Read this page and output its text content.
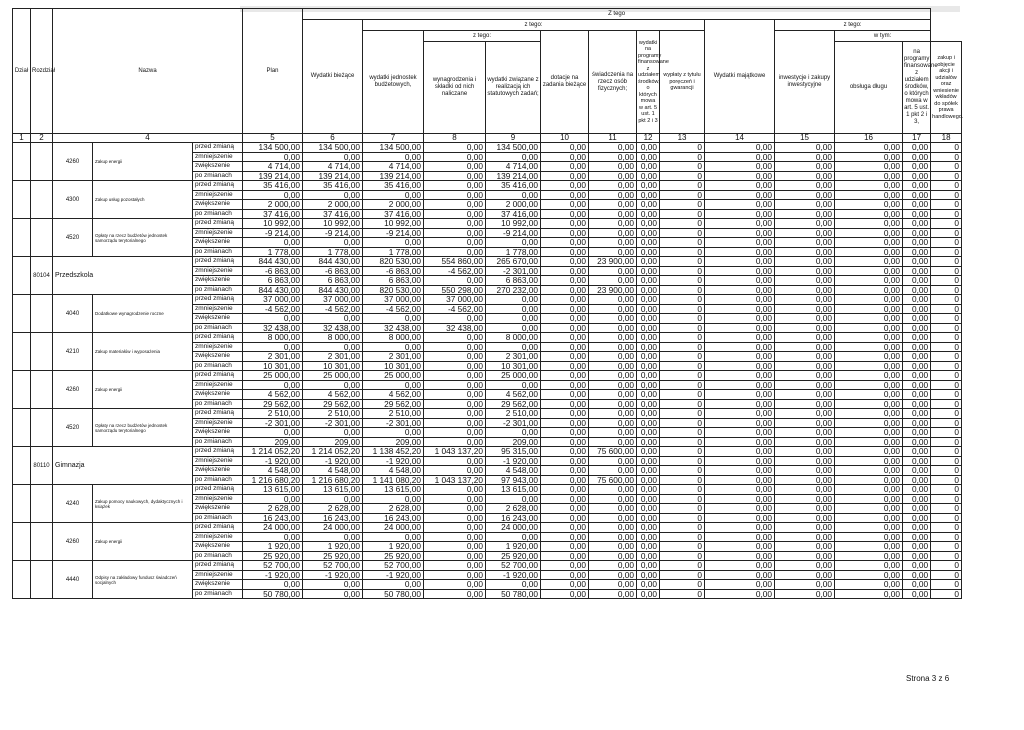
Dział	Rozdział	Nazwa			Plan	Z tego												
						Wydatki bieżące	z tego:							Wydatki majątkowe	z tego:			
							wydatki jednostek budżetowych,	z tego:		dotacje na zadania bieżące	świadczenia na rzecz osób fizycznych;	wydatki na programy finansowane z udziałem środków, o których mowa w art. 5 ust. 1 pkt 2 i 3	wypłaty z tytułu poręczeń i gwarancji		inwestycje i zakupy inwestycyjne	w tym:		
								wynagrodzenia i składki od nich naliczane	wydatki związane z realizacją ich statutowych zadań;							obsługa długu	na programy finansowane z udziałem środków, o których mowa w art. 5 ust. 1 pkt 2 i 3,	zakup i objęcie akcji i udziałów oraz wniesienie wkładów do spółek prawa handlowego.
1	2	4			5	6	7	8	9	10	11	12	13	14	15	16	17	18
		4260	Zakup energii	przed zmianą	134 500,00	134 500,00	134 500,00	0,00	134 500,00	0,00	0,00	0,00	0	0,00	0,00	0,00	0,00	0
				zmniejszenie	0,00	0,00	0,00	0,00	0,00	0,00	0,00	0,00	0	0,00	0,00	0,00	0,00	0
				zwiększenie	4 714,00	4 714,00	4 714,00	0,00	4 714,00	0,00	0,00	0,00	0	0,00	0,00	0,00	0,00	0
				po zmianach	139 214,00	139 214,00	139 214,00	0,00	139 214,00	0,00	0,00	0,00	0	0,00	0,00	0,00	0,00	0
		4300	Zakup usług pozostałych	przed zmianą	35 416,00	35 416,00	35 416,00	0,00	35 416,00	0,00	0,00	0,00	0	0,00	0,00	0,00	0,00	0
				zmniejszenie	0,00	0,00	0,00	0,00	0,00	0,00	0,00	0,00	0	0,00	0,00	0,00	0,00	0
				zwiększenie	2 000,00	2 000,00	2 000,00	0,00	2 000,00	0,00	0,00	0,00	0	0,00	0,00	0,00	0,00	0
				po zmianach	37 416,00	37 416,00	37 416,00	0,00	37 416,00	0,00	0,00	0,00	0	0,00	0,00	0,00	0,00	0
		4520	Opłaty na rzecz budżetów jednostek samorządu terytorialnego	przed zmianą	10 992,00	10 992,00	10 992,00	0,00	10 992,00	0,00	0,00	0,00	0	0,00	0,00	0,00	0,00	0
				zmniejszenie	-9 214,00	-9 214,00	-9 214,00	0,00	-9 214,00	0,00	0,00	0,00	0	0,00	0,00	0,00	0,00	0
				zwiększenie	0,00	0,00	0,00	0,00	0,00	0,00	0,00	0,00	0	0,00	0,00	0,00	0,00	0
				po zmianach	1 778,00	1 778,00	1 778,00	0,00	1 778,00	0,00	0,00	0,00	0	0,00	0,00	0,00	0,00	0
	80104	Przedszkola		przed zmianą	844 430,00	844 430,00	820 530,00	554 860,00	265 670,00	0,00	23 900,00	0,00	0	0,00	0,00	0,00	0,00	0
				zmniejszenie	-6 863,00	-6 863,00	-6 863,00	-4 562,00	-2 301,00	0,00	0,00	0,00	0	0,00	0,00	0,00	0,00	0
				zwiększenie	6 863,00	6 863,00	6 863,00	0,00	6 863,00	0,00	0,00	0,00	0	0,00	0,00	0,00	0,00	0
				po zmianach	844 430,00	844 430,00	820 530,00	550 298,00	270 232,00	0,00	23 900,00	0,00	0	0,00	0,00	0,00	0,00	0
		4040	Dodatkowe wynagrodzenie roczne	przed zmianą	37 000,00	37 000,00	37 000,00	37 000,00	0,00	0,00	0,00	0,00	0	0,00	0,00	0,00	0,00	0
				zmniejszenie	-4 562,00	-4 562,00	-4 562,00	-4 562,00	0,00	0,00	0,00	0,00	0	0,00	0,00	0,00	0,00	0
				zwiększenie	0,00	0,00	0,00	0,00	0,00	0,00	0,00	0,00	0	0,00	0,00	0,00	0,00	0
				po zmianach	32 438,00	32 438,00	32 438,00	32 438,00	0,00	0,00	0,00	0,00	0	0,00	0,00	0,00	0,00	0
		4210	Zakup materiałów i wyposażenia	przed zmianą	8 000,00	8 000,00	8 000,00	0,00	8 000,00	0,00	0,00	0,00	0	0,00	0,00	0,00	0,00	0
				zmniejszenie	0,00	0,00	0,00	0,00	0,00	0,00	0,00	0,00	0	0,00	0,00	0,00	0,00	0
				zwiększenie	2 301,00	2 301,00	2 301,00	0,00	2 301,00	0,00	0,00	0,00	0	0,00	0,00	0,00	0,00	0
				po zmianach	10 301,00	10 301,00	10 301,00	0,00	10 301,00	0,00	0,00	0,00	0	0,00	0,00	0,00	0,00	0
		4260	Zakup energii	przed zmianą	25 000,00	25 000,00	25 000,00	0,00	25 000,00	0,00	0,00	0,00	0	0,00	0,00	0,00	0,00	0
				zmniejszenie	0,00	0,00	0,00	0,00	0,00	0,00	0,00	0,00	0	0,00	0,00	0,00	0,00	0
				zwiększenie	4 562,00	4 562,00	4 562,00	0,00	4 562,00	0,00	0,00	0,00	0	0,00	0,00	0,00	0,00	0
				po zmianach	29 562,00	29 562,00	29 562,00	0,00	29 562,00	0,00	0,00	0,00	0	0,00	0,00	0,00	0,00	0
		4520	Opłaty na rzecz budżetów jednostek samorządu terytorialnego	przed zmianą	2 510,00	2 510,00	2 510,00	0,00	2 510,00	0,00	0,00	0,00	0	0,00	0,00	0,00	0,00	0
				zmniejszenie	-2 301,00	-2 301,00	-2 301,00	0,00	-2 301,00	0,00	0,00	0,00	0	0,00	0,00	0,00	0,00	0
				zwiększenie	0,00	0,00	0,00	0,00	0,00	0,00	0,00	0,00	0	0,00	0,00	0,00	0,00	0
				po zmianach	209,00	209,00	209,00	0,00	209,00	0,00	0,00	0,00	0	0,00	0,00	0,00	0,00	0
	80110	Gimnazja		przed zmianą	1 214 052,20	1 214 052,20	1 138 452,20	1 043 137,20	95 315,00	0,00	75 600,00	0,00	0	0,00	0,00	0,00	0,00	0
				zmniejszenie	-1 920,00	-1 920,00	-1 920,00	0,00	-1 920,00	0,00	0,00	0,00	0	0,00	0,00	0,00	0,00	0
				zwiększenie	4 548,00	4 548,00	4 548,00	0,00	4 548,00	0,00	0,00	0,00	0	0,00	0,00	0,00	0,00	0
				po zmianach	1 216 680,20	1 216 680,20	1 141 080,20	1 043 137,20	97 943,00	0,00	75 600,00	0,00	0	0,00	0,00	0,00	0,00	0
		4240	Zakup pomocy naukowych, dydaktycznych i książek	przed zmianą	13 615,00	13 615,00	13 615,00	0,00	13 615,00	0,00	0,00	0,00	0	0,00	0,00	0,00	0,00	0
				zmniejszenie	0,00	0,00	0,00	0,00	0,00	0,00	0,00	0,00	0	0,00	0,00	0,00	0,00	0
				zwiększenie	2 628,00	2 628,00	2 628,00	0,00	2 628,00	0,00	0,00	0,00	0	0,00	0,00	0,00	0,00	0
				po zmianach	16 243,00	16 243,00	16 243,00	0,00	16 243,00	0,00	0,00	0,00	0	0,00	0,00	0,00	0,00	0
		4260	Zakup energii	przed zmianą	24 000,00	24 000,00	24 000,00	0,00	24 000,00	0,00	0,00	0,00	0	0,00	0,00	0,00	0,00	0
				zmniejszenie	0,00	0,00	0,00	0,00	0,00	0,00	0,00	0,00	0	0,00	0,00	0,00	0,00	0
				zwiększenie	1 920,00	1 920,00	1 920,00	0,00	1 920,00	0,00	0,00	0,00	0	0,00	0,00	0,00	0,00	0
				po zmianach	25 920,00	25 920,00	25 920,00	0,00	25 920,00	0,00	0,00	0,00	0	0,00	0,00	0,00	0,00	0
		4440	Odpisy na zakładowy fundusz świadczeń socjalnych	przed zmianą	52 700,00	52 700,00	52 700,00	0,00	52 700,00	0,00	0,00	0,00	0	0,00	0,00	0,00	0,00	0
				zmniejszenie	-1 920,00	-1 920,00	-1 920,00	0,00	-1 920,00	0,00	0,00	0,00	0	0,00	0,00	0,00	0,00	0
				zwiększenie	0,00	0,00	0,00	0,00	0,00	0,00	0,00	0,00	0	0,00	0,00	0,00	0,00	0
				po zmianach	50 780,00	0,00	50 780,00	0,00	50 780,00	0,00	0,00	0,00	0	0,00	0,00	0,00	0,00	0
Strona 3 z 6
